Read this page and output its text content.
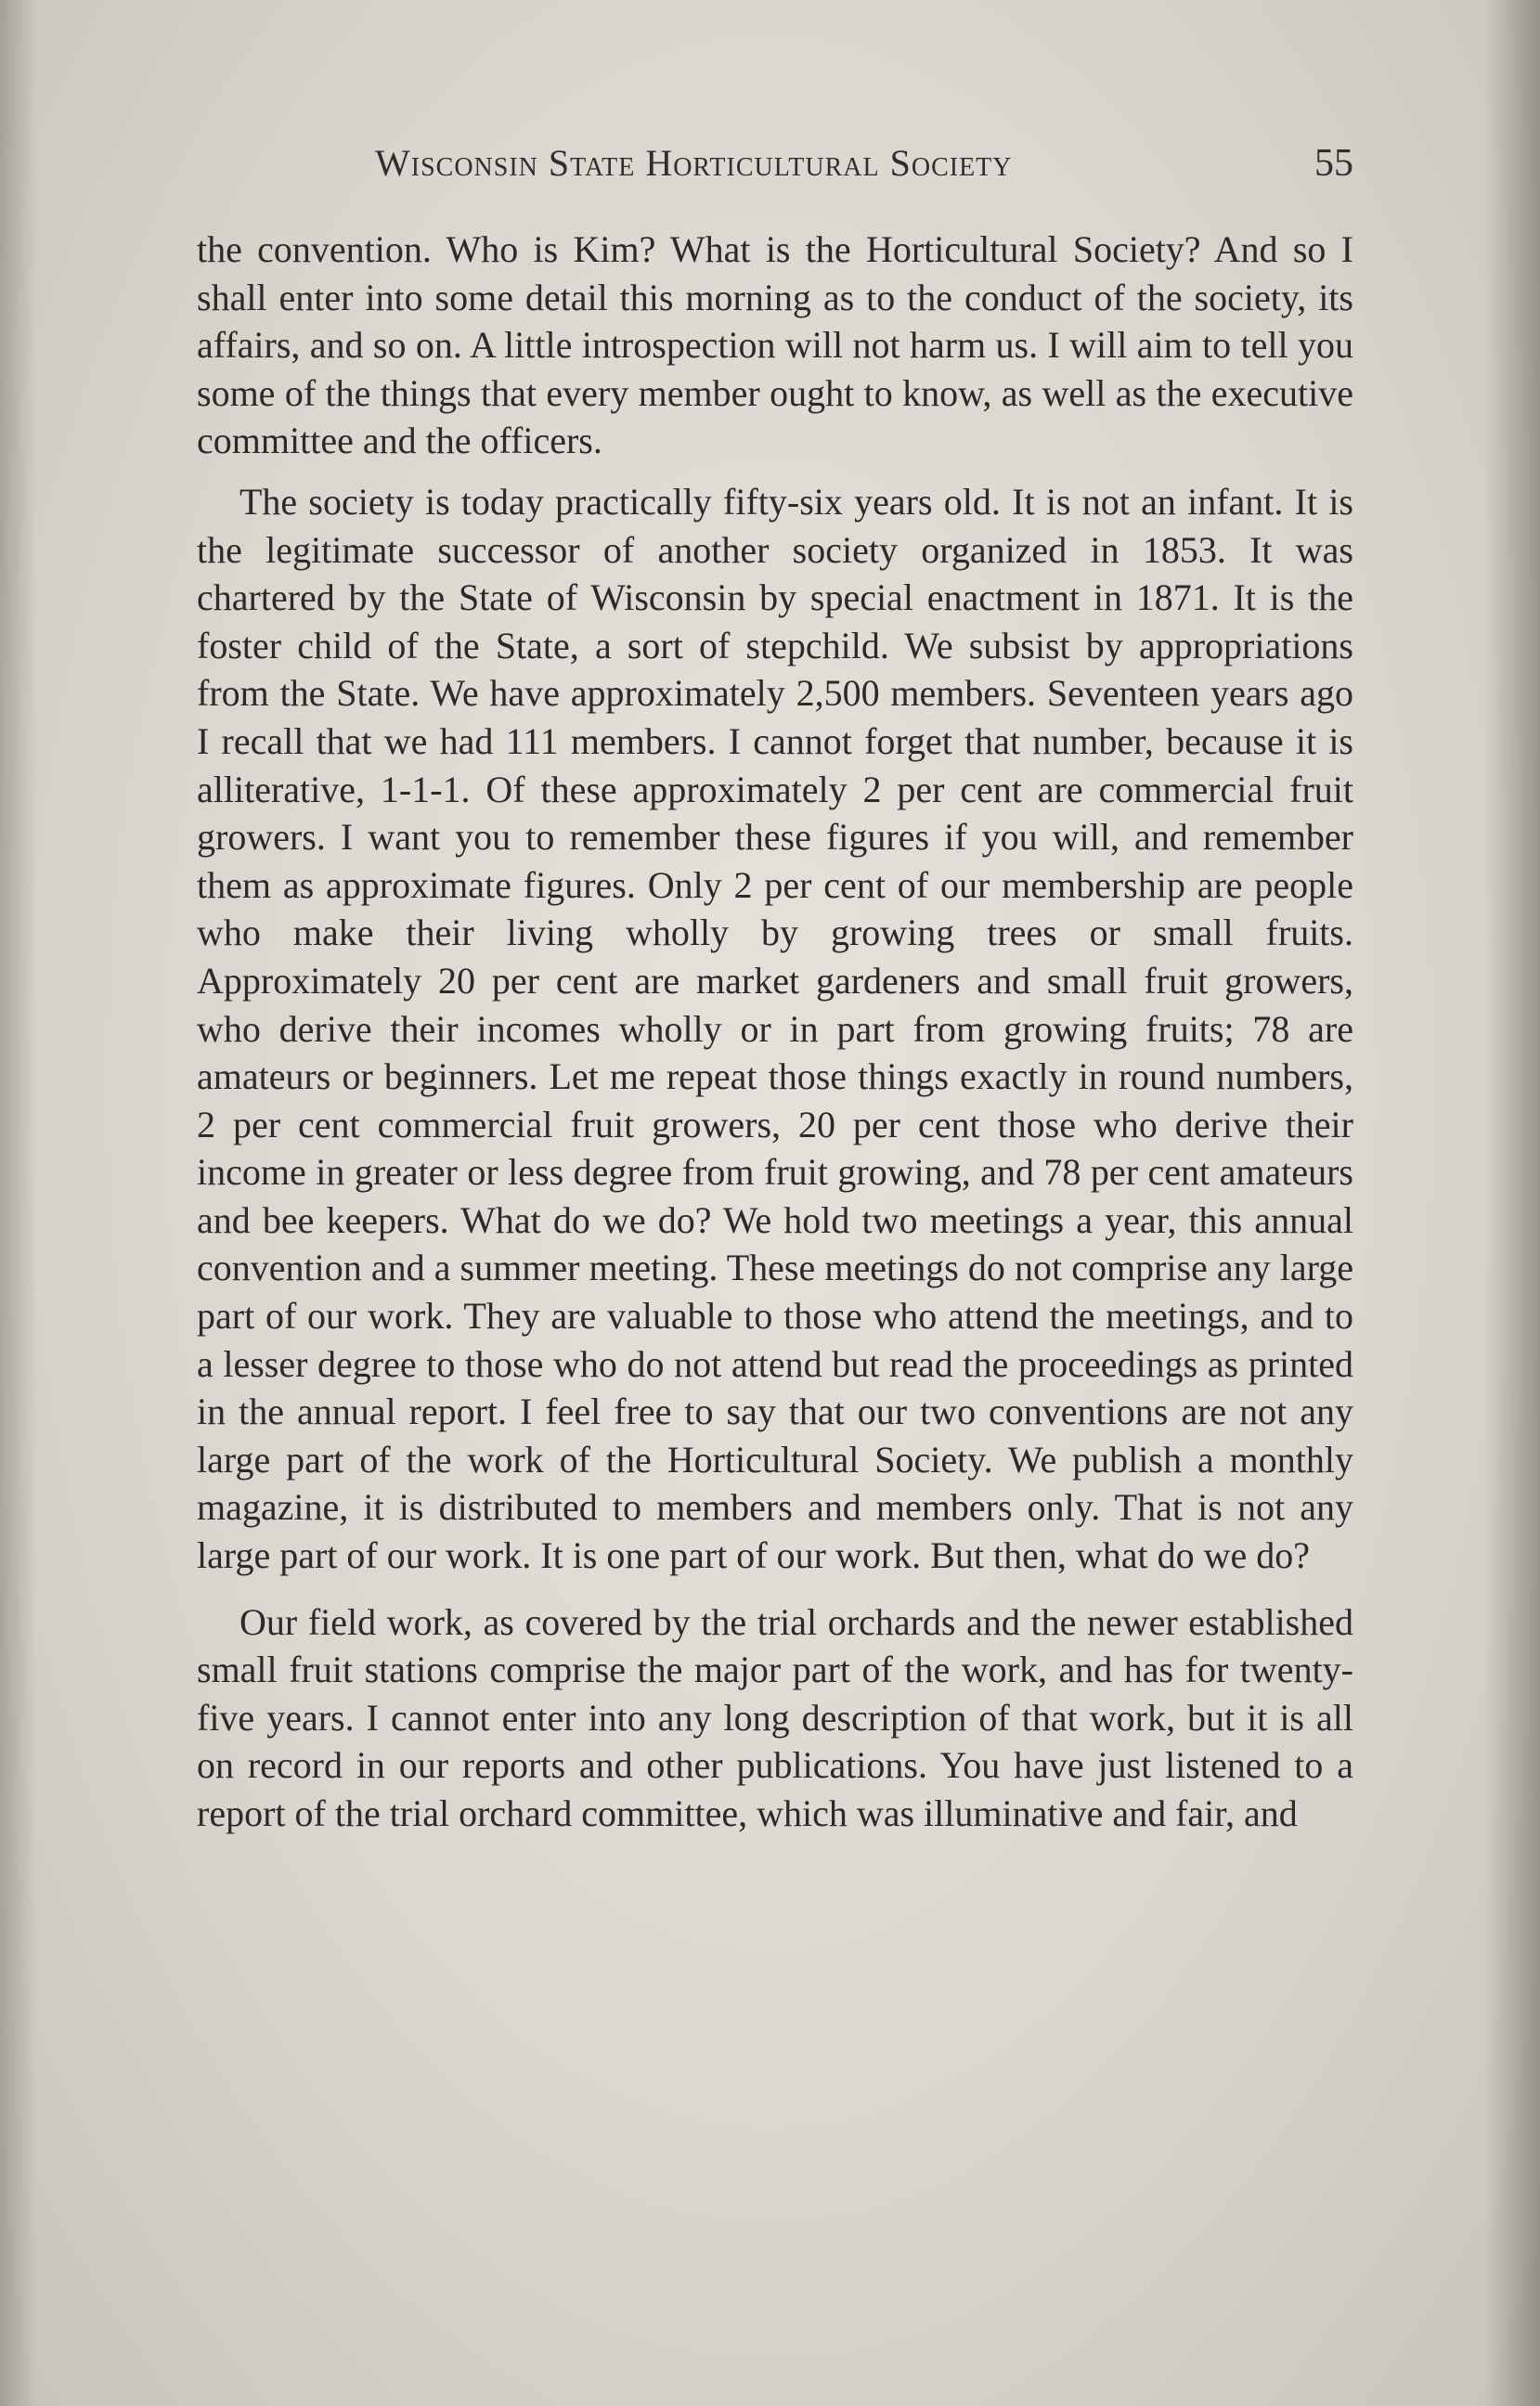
Wisconsin State Horticultural Society	55

the convention. Who is Kim? What is the Horticultural Society? And so I shall enter into some detail this morning as to the conduct of the society, its affairs, and so on. A little introspection will not harm us. I will aim to tell you some of the things that every member ought to know, as well as the executive committee and the officers.

The society is today practically fifty-six years old. It is not an infant. It is the legitimate successor of another society organized in 1853. It was chartered by the State of Wisconsin by special enactment in 1871. It is the foster child of the State, a sort of stepchild. We subsist by appropriations from the State. We have approximately 2,500 members. Seventeen years ago I recall that we had 111 members. I cannot forget that number, because it is alliterative, 1-1-1. Of these approximately 2 per cent are commercial fruit growers. I want you to remember these figures if you will, and remember them as approximate figures. Only 2 per cent of our membership are people who make their living wholly by growing trees or small fruits. Approximately 20 per cent are market gardeners and small fruit growers, who derive their incomes wholly or in part from growing fruits; 78 are amateurs or beginners. Let me repeat those things exactly in round numbers, 2 per cent commercial fruit growers, 20 per cent those who derive their income in greater or less degree from fruit growing, and 78 per cent amateurs and bee keepers. What do we do? We hold two meetings a year, this annual convention and a summer meeting. These meetings do not comprise any large part of our work. They are valuable to those who attend the meetings, and to a lesser degree to those who do not attend but read the proceedings as printed in the annual report. I feel free to say that our two conventions are not any large part of the work of the Horticultural Society. We publish a monthly magazine, it is distributed to members and members only. That is not any large part of our work. It is one part of our work. But then, what do we do?

Our field work, as covered by the trial orchards and the newer established small fruit stations comprise the major part of the work, and has for twenty-five years. I cannot enter into any long description of that work, but it is all on record in our reports and other publications. You have just listened to a report of the trial orchard committee, which was illuminative and fair, and
